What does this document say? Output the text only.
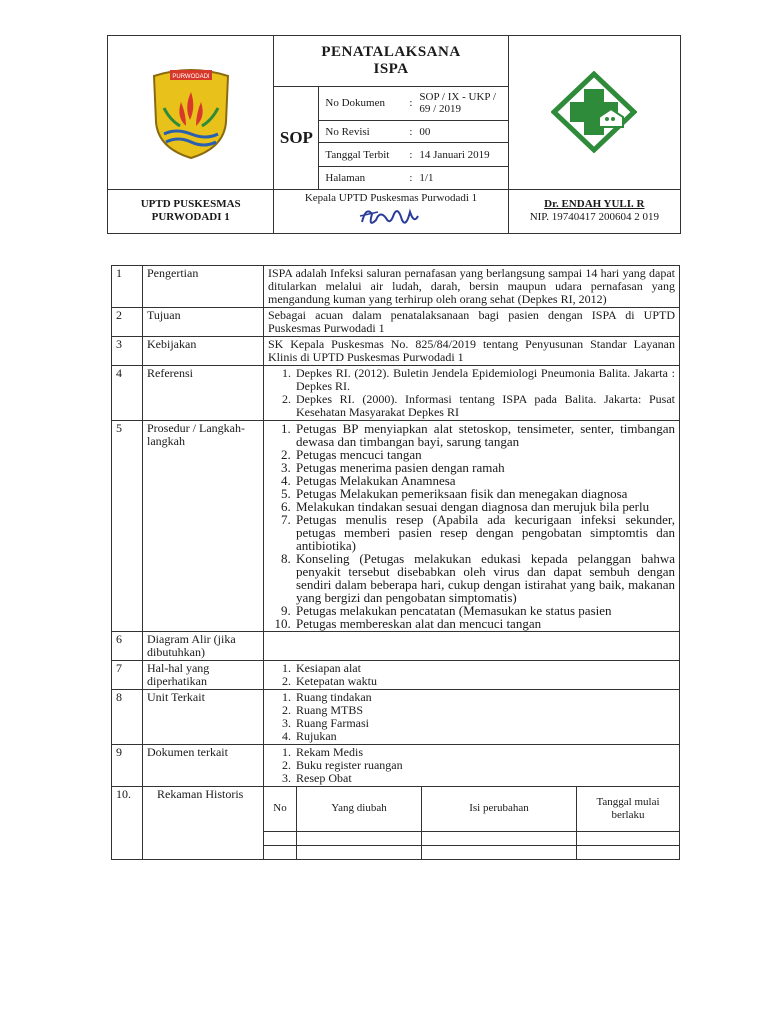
PURWODADI

PENATALAKSANA
ISPA

SOP	
No Dokumen	:	SOP / IX - UKP / 69 / 2019
No Revisi	:	00
Tanggal Terbit	:	14 Januari 2019
Halaman	:	1/1

UPTD PUSKESMAS
PURWODADI 1

Kepala UPTD Puskesmas Purwodadi 1

Dr. ENDAH YULI. R
NIP. 19740417 200604 2 019
1	Pengertian	ISPA adalah Infeksi saluran pernafasan yang berlangsung sampai 14 hari yang dapat ditularkan melalui air ludah, darah, bersin maupun udara pernafasan yang mengandung kuman yang terhirup oleh orang sehat (Depkes RI, 2012)
2	Tujuan	Sebagai acuan dalam penatalaksanaan bagi pasien dengan ISPA di UPTD Puskesmas Purwodadi 1
3	Kebijakan	SK Kepala Puskesmas No. 825/84/2019 tentang Penyusunan Standar Layanan Klinis di UPTD Puskesmas Purwodadi 1
4	Referensi	
1.Depkes RI. (2012). Buletin Jendela Epidemiologi Pneumonia Balita. Jakarta : Depkes RI.
2. Depkes RI. (2000). Informasi tentang ISPA pada Balita. Jakarta: Pusat Kesehatan Masyarakat Depkes RI

5	Prosedur / Langkah-langkah	
1. Petugas BP menyiapkan alat stetoskop, tensimeter, senter, timbangan dewasa dan timbangan bayi, sarung tangan
2. Petugas mencuci tangan
3. Petugas menerima pasien dengan ramah
4. Petugas Melakukan Anamnesa
5. Petugas Melakukan pemeriksaan fisik dan menegakan diagnosa
6. Melakukan tindakan sesuai dengan diagnosa dan merujuk bila perlu
7. Petugas menulis resep (Apabila ada kecurigaan infeksi sekunder, petugas memberi pasien resep dengan pengobatan simptomtis dan antibiotika)
8. Konseling (Petugas melakukan edukasi kepada pelanggan bahwa penyakit tersebut disebabkan oleh virus dan dapat sembuh dengan sendiri dalam beberapa hari, cukup dengan istirahat yang baik, makanan yang bergizi dan pengobatan simptomatis)
9. Petugas melakukan pencatatan (Memasukan ke status pasien
10. Petugas membereskan alat dan mencuci tangan

6	Diagram Alir (jika dibutuhkan)	
7	Hal-hal yang diperhatikan	
1. Kesiapan alat
2. Ketepatan waktu

8	Unit Terkait	
1.Ruang tindakan
2. Ruang MTBS
3. Ruang Farmasi
4. Rujukan

9	Dokumen terkait	
1.Rekam Medis
2. Buku register ruangan
3. Resep Obat

10.	Rekaman Historis	
No	Yang diubah	Isi perubahan	Tanggal mulai berlaku
